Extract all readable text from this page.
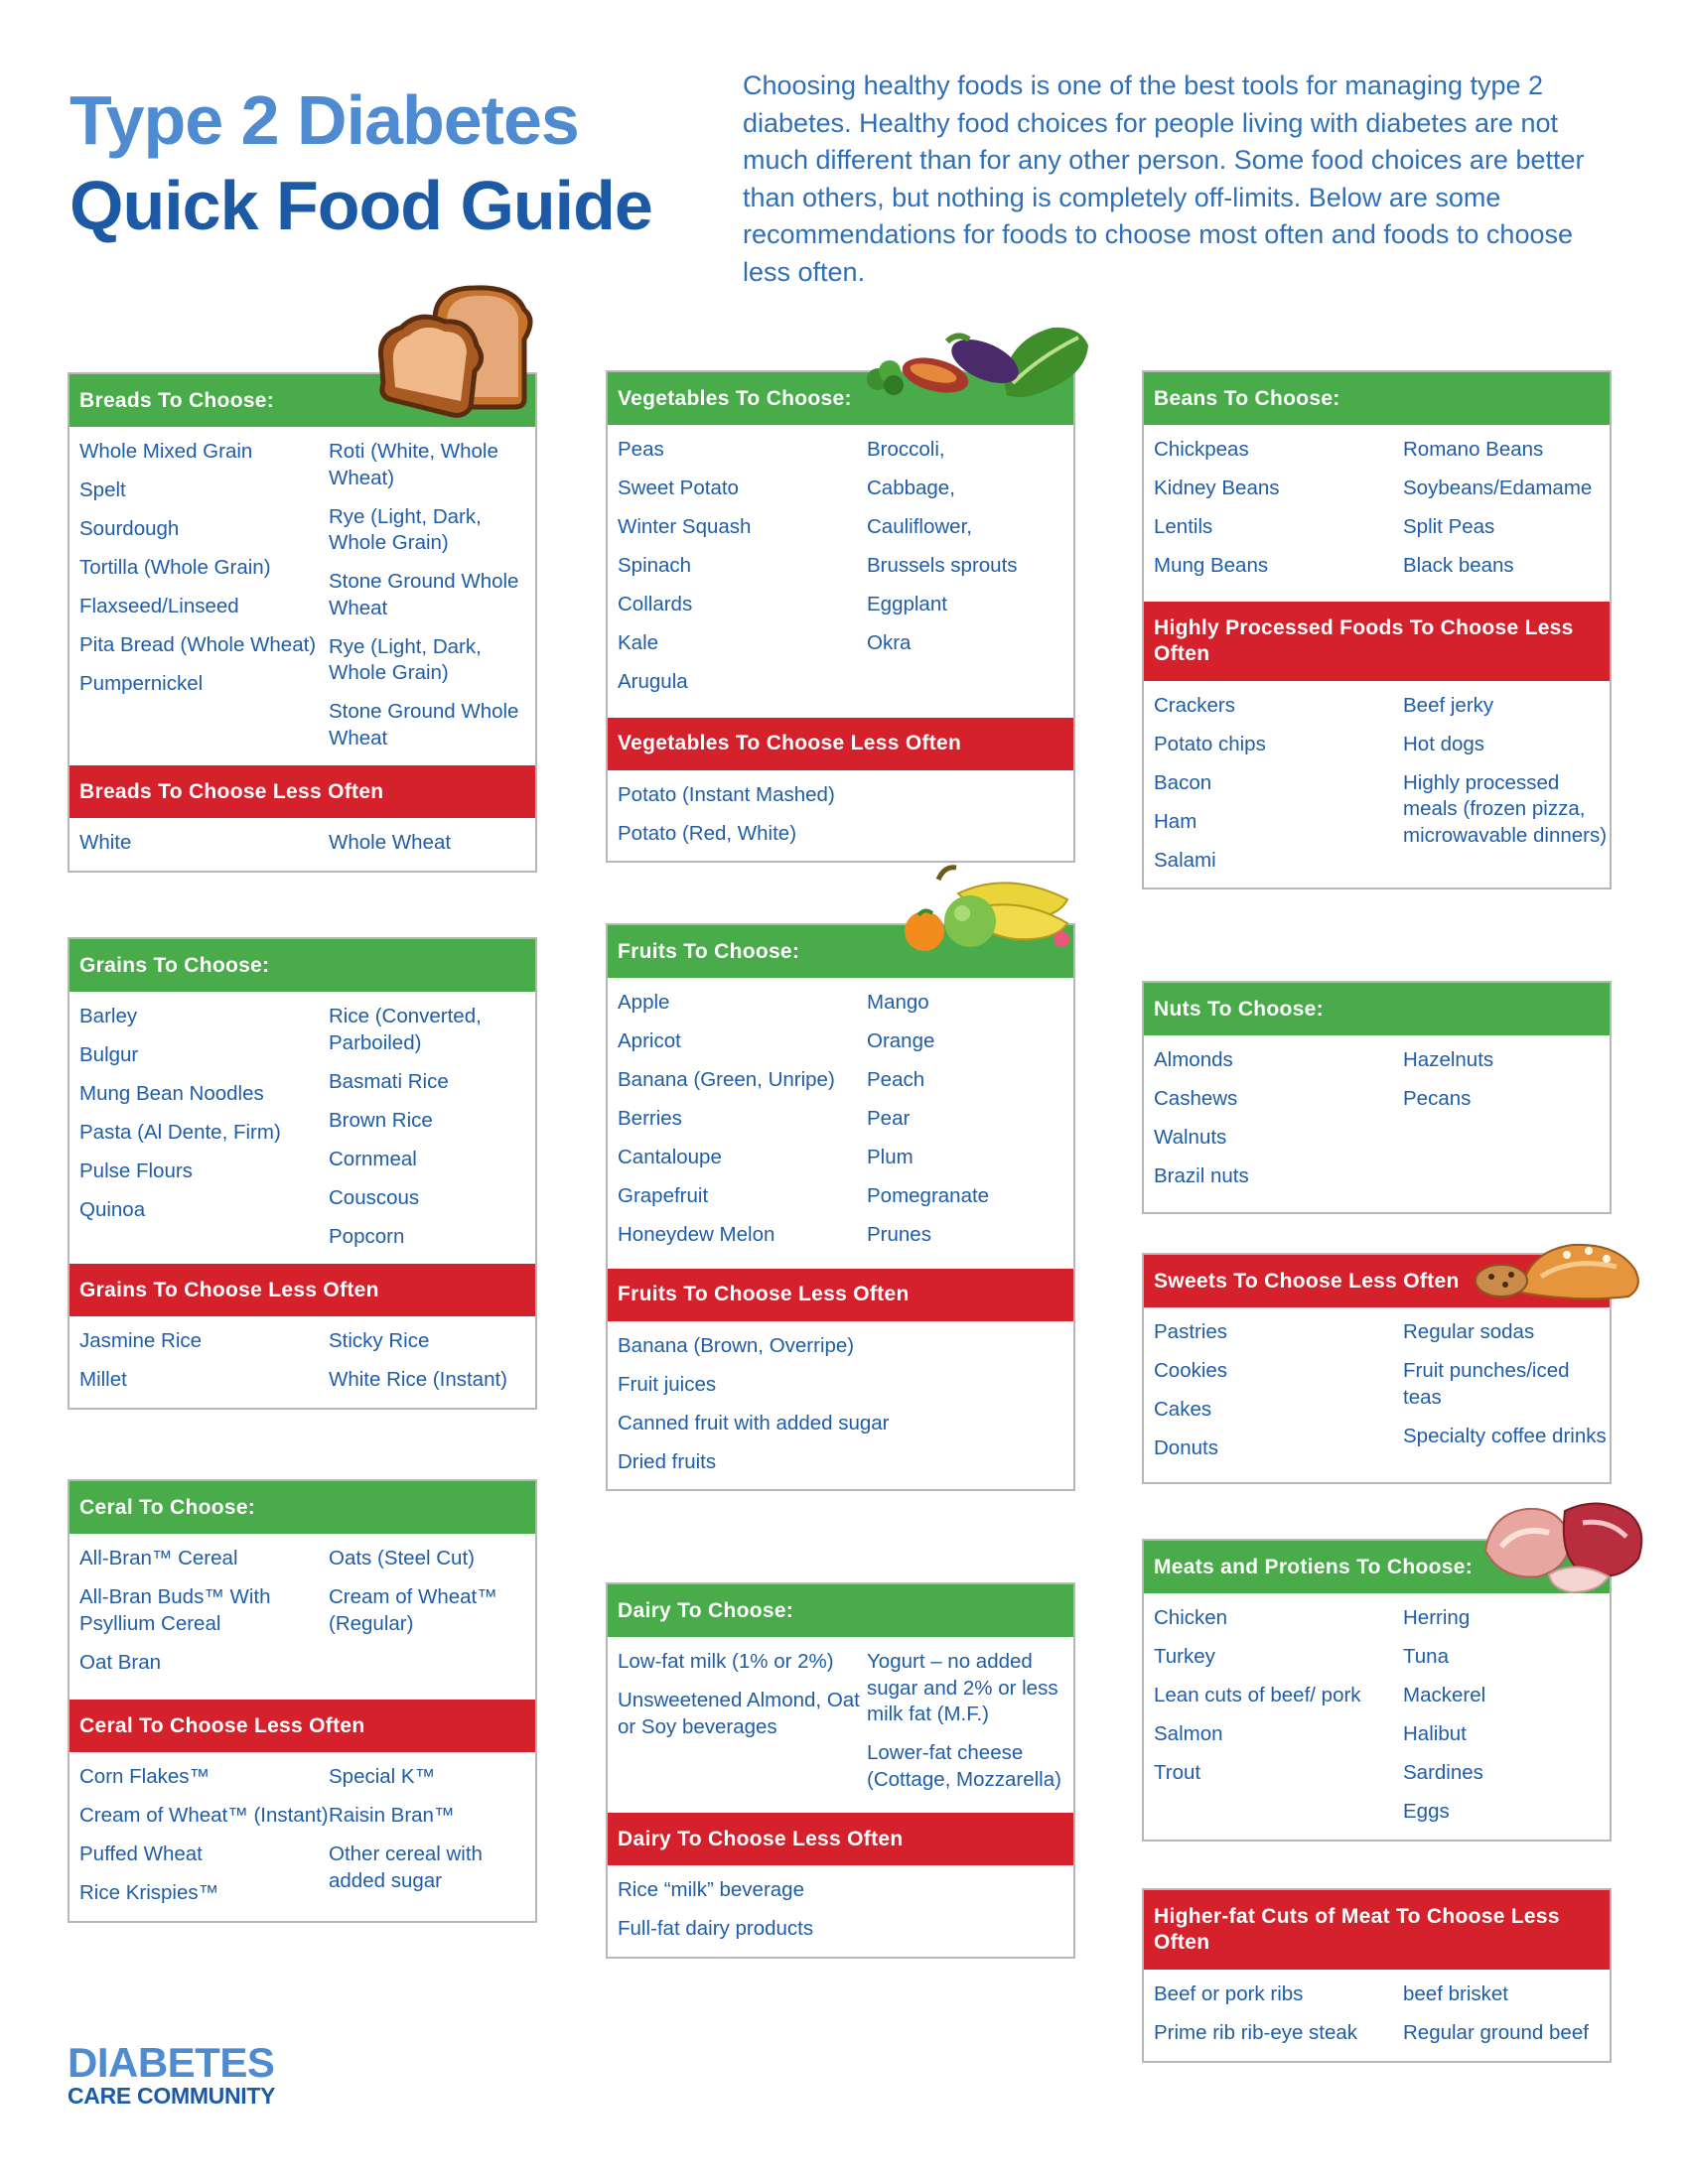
Type 2 Diabetes
Quick Food Guide

Choosing healthy foods is one of the best tools for managing type 2 diabetes. Healthy food choices for people living with diabetes are not much different than for any other person. Some food choices are better than others, but nothing is completely off-limits. Below are some recommendations for foods to choose most often and foods to choose less often.

Breads To Choose:
Whole Mixed Grain
Spelt
Sourdough
Tortilla (Whole Grain)
Flaxseed/Linseed
Pita Bread (Whole Wheat)
Pumpernickel
Roti (White, Whole Wheat)
Rye (Light, Dark, Whole Grain)
Stone Ground Whole Wheat
Rye (Light, Dark, Whole Grain)
Stone Ground Whole Wheat
Breads To Choose Less Often
White	Whole Wheat
Grains To Choose:
Barley
Bulgur
Mung Bean Noodles
Pasta (Al Dente, Firm)
Pulse Flours
Quinoa
Rice (Converted, Parboiled)
Basmati Rice
Brown Rice
Cornmeal
Couscous
Popcorn
Grains To Choose Less Often
Jasmine Rice
Millet
Sticky Rice
White Rice (Instant)
Ceral To Choose:
All-Bran™ Cereal
All-Bran Buds™ With Psyllium Cereal
Oat Bran
Oats (Steel Cut)
Cream of Wheat™ (Regular)
Ceral To Choose Less Often
Corn Flakes™
Cream of Wheat™ (Instant)
Puffed Wheat
Rice Krispies™
Special K™
Raisin Bran™
Other cereal with added sugar
Vegetables To Choose:
Peas
Sweet Potato
Winter Squash
Spinach
Collards
Kale
Arugula
Broccoli,
Cabbage,
Cauliflower,
Brussels sprouts
Eggplant
Okra
Vegetables To Choose Less Often
Potato (Instant Mashed)
Potato (Red, White)
Fruits To Choose:
Apple
Apricot
Banana (Green, Unripe)
Berries
Cantaloupe
Grapefruit
Honeydew Melon
Mango
Orange
Peach
Pear
Plum
Pomegranate
Prunes
Fruits To Choose Less Often
Banana (Brown, Overripe)
Fruit juices
Canned fruit with added sugar
Dried fruits
Dairy To Choose:
Low-fat milk (1% or 2%)
Unsweetened Almond, Oat or Soy beverages
Yogurt – no added sugar and 2% or less milk fat (M.F.)
Lower-fat cheese (Cottage, Mozzarella)
Dairy To Choose Less Often
Rice “milk” beverage
Full-fat dairy products
Beans To Choose:
Chickpeas
Kidney Beans
Lentils
Mung Beans
Romano Beans
Soybeans/Edamame
Split Peas
Black beans
Highly Processed Foods To Choose Less Often
Crackers
Potato chips
Bacon
Ham
Salami
Beef jerky
Hot dogs
Highly processed meals (frozen pizza, microwavable dinners)
Nuts To Choose:
Almonds
Cashews
Walnuts
Brazil nuts
Hazelnuts
Pecans
Sweets To Choose Less Often
Pastries
Cookies
Cakes
Donuts
Regular sodas
Fruit punches/iced teas
Specialty coffee drinks
Meats and Protiens To Choose:
Chicken
Turkey
Lean cuts of beef/ pork
Salmon
Trout
Herring
Tuna
Mackerel
Halibut
Sardines
Eggs
Higher-fat Cuts of Meat To Choose Less Often
Beef or pork ribs
Prime rib rib-eye steak
beef brisket
Regular ground beef
DIABETES
CARE COMMUNITY
